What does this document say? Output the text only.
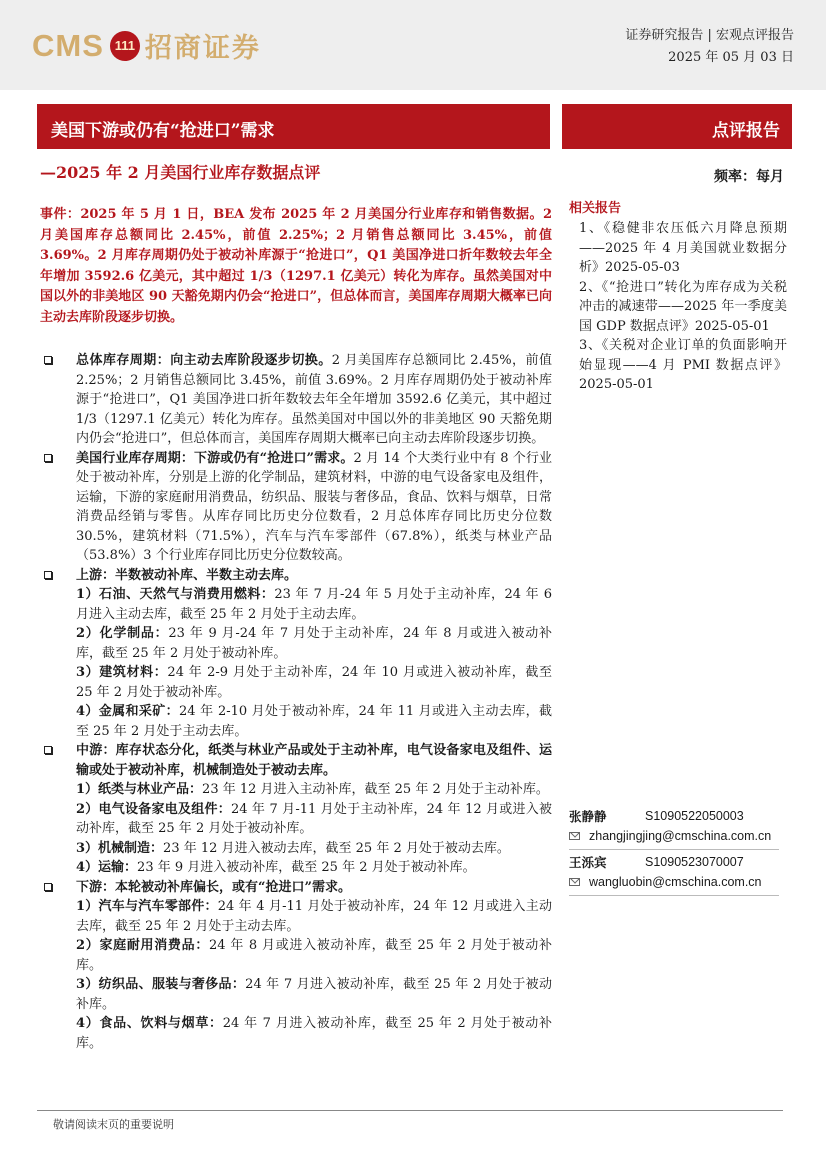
CMS 111 招商证券	证券研究报告 | 宏观点评报告
2025 年 05 月 03 日
美国下游或仍有“抢进口”需求	点评报告
—2025 年 2 月美国行业库存数据点评	频率：每月
事件：2025 年 5 月 1 日，BEA 发布 2025 年 2 月美国分行业库存和销售数据。2 月美国库存总额同比 2.45%，前值 2.25%；2 月销售总额同比 3.45%，前值 3.69%。2 月库存周期仍处于被动补库源于“抢进口”，Q1 美国净进口折年数较去年全年增加 3592.6 亿美元，其中超过 1/3（1297.1 亿美元）转化为库存。虽然美国对中国以外的非美地区 90 天豁免期内仍会“抢进口”，但总体而言，美国库存周期大概率已向主动去库阶段逐步切换。
总体库存周期：向主动去库阶段逐步切换。2 月美国库存总额同比 2.45%，前值 2.25%；2 月销售总额同比 3.45%，前值 3.69%。2 月库存周期仍处于被动补库源于“抢进口”，Q1 美国净进口折年数较去年全年增加 3592.6 亿美元，其中超过 1/3（1297.1 亿美元）转化为库存。虽然美国对中国以外的非美地区 90 天豁免期内仍会“抢进口”，但总体而言，美国库存周期大概率已向主动去库阶段逐步切换。
美国行业库存周期：下游或仍有“抢进口”需求。2 月 14 个大类行业中有 8 个行业处于被动补库，分别是上游的化学制品，建筑材料，中游的电气设备家电及组件，运输，下游的家庭耐用消费品，纺织品、服装与奢侈品，食品、饮料与烟草，日常消费品经销与零售。从库存同比历史分位数看，2 月总体库存同比历史分位数 30.5%，建筑材料（71.5%），汽车与汽车零部件（67.8%），纸类与林业产品（53.8%）3 个行业库存同比历史分位数较高。
上游：半数被动补库、半数主动去库。
1）石油、天然气与消费用燃料：23 年 7 月-24 年 5 月处于主动补库，24 年 6 月进入主动去库，截至 25 年 2 月处于主动去库。
2）化学制品：23 年 9 月-24 年 7 月处于主动补库，24 年 8 月或进入被动补库，截至 25 年 2 月处于被动补库。
3）建筑材料：24 年 2-9 月处于主动补库，24 年 10 月或进入被动补库，截至 25 年 2 月处于被动补库。
4）金属和采矿：24 年 2-10 月处于被动补库，24 年 11 月或进入主动去库，截至 25 年 2 月处于主动去库。
中游：库存状态分化，纸类与林业产品或处于主动补库，电气设备家电及组件、运输或处于被动补库，机械制造处于被动去库。
1）纸类与林业产品：23 年 12 月进入主动补库，截至 25 年 2 月处于主动补库。
2）电气设备家电及组件：24 年 7 月-11 月处于主动补库，24 年 12 月或进入被动补库，截至 25 年 2 月处于被动补库。
3）机械制造：23 年 12 月进入被动去库，截至 25 年 2 月处于被动去库。
4）运输：23 年 9 月进入被动补库，截至 25 年 2 月处于被动补库。
下游：本轮被动补库偏长，或有“抢进口”需求。
1）汽车与汽车零部件：24 年 4 月-11 月处于被动补库，24 年 12 月或进入主动去库，截至 25 年 2 月处于主动去库。
2）家庭耐用消费品：24 年 8 月或进入被动补库，截至 25 年 2 月处于被动补库。
3）纺织品、服装与奢侈品：24 年 7 月进入被动补库，截至 25 年 2 月处于被动补库。
4）食品、饮料与烟草：24 年 7 月进入被动补库，截至 25 年 2 月处于被动补库。
相关报告
1、《稳健非农压低六月降息预期——2025 年 4 月美国就业数据分析》2025-05-03
2、《“抢进口”转化为库存成为关税冲击的减速带——2025 年一季度美国 GDP 数据点评》2025-05-01
3、《关税对企业订单的负面影响开始显现——4 月 PMI 数据点评》2025-05-01
张静静	S1090522050003
zhangjingjing@cmschina.com.cn
王泺宾	S1090523070007
wangluobin@cmschina.com.cn
敬请阅读末页的重要说明
